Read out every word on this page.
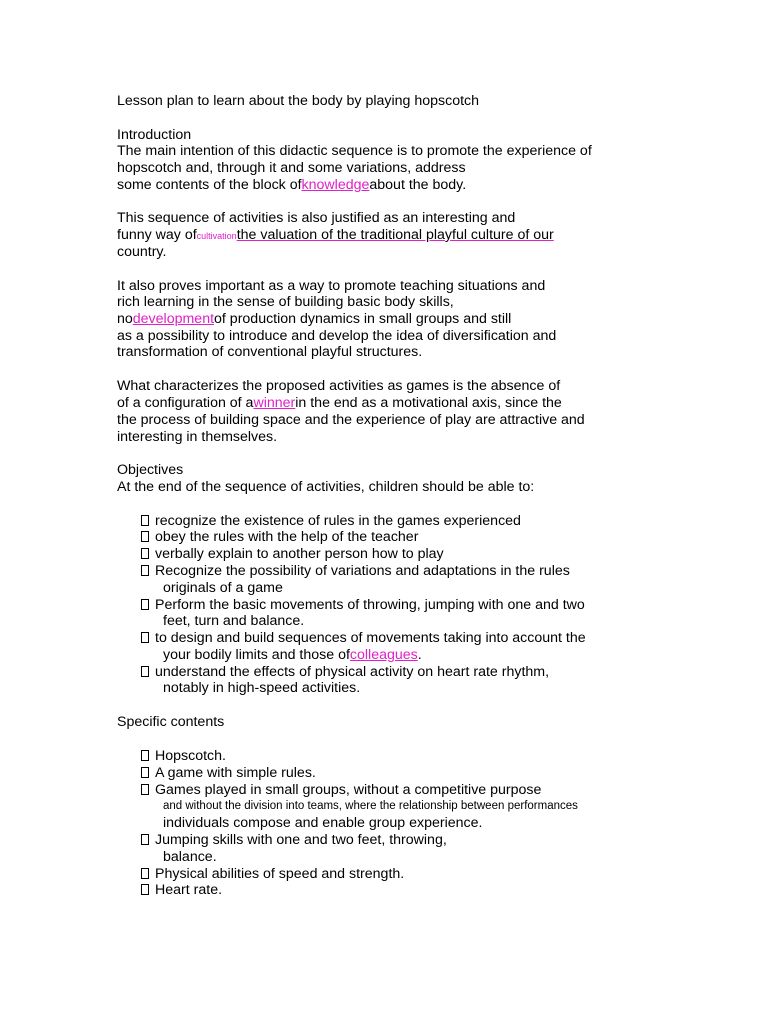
Lesson plan to learn about the body by playing hopscotch
Introduction
The main intention of this didactic sequence is to promote the experience of
hopscotch and, through it and some variations, address
some contents of the block ofknowledgeabout the body.
This sequence of activities is also justified as an interesting and
funny way ofcultivationthe valuation of the traditional playful culture of our
country.
It also proves important as a way to promote teaching situations and
rich learning in the sense of building basic body skills,
nodevelopmentof production dynamics in small groups and still
as a possibility to introduce and develop the idea of diversification and
transformation of conventional playful structures.
What characterizes the proposed activities as games is the absence of
of a configuration of awinnerin the end as a motivational axis, since the
the process of building space and the experience of play are attractive and
interesting in themselves.
Objectives
At the end of the sequence of activities, children should be able to:
recognize the existence of rules in the games experienced
obey the rules with the help of the teacher
verbally explain to another person how to play
Recognize the possibility of variations and adaptations in the rules
originals of a game
Perform the basic movements of throwing, jumping with one and two
feet, turn and balance.
to design and build sequences of movements taking into account the
your bodily limits and those ofcolleagues.
understand the effects of physical activity on heart rate rhythm,
notably in high-speed activities.
Specific contents
Hopscotch.
A game with simple rules.
Games played in small groups, without a competitive purpose
and without the division into teams, where the relationship between performances
individuals compose and enable group experience.
Jumping skills with one and two feet, throwing,
balance.
Physical abilities of speed and strength.
Heart rate.
